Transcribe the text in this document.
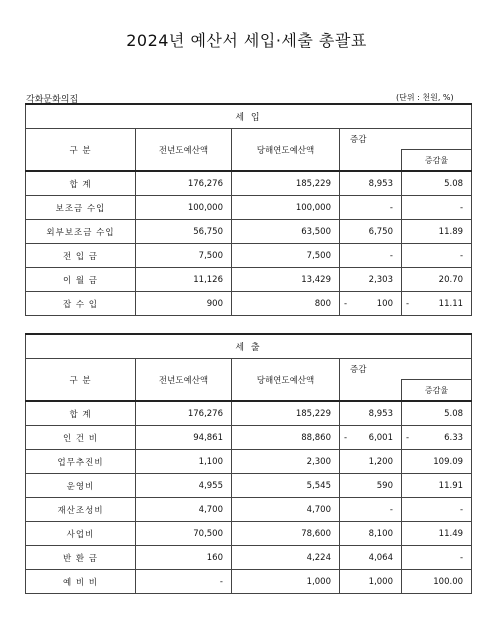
2024년 예산서 세입·세출 총괄표
각화문화의집	(단위 : 천원, %)
세 입				
구 분	전년도예산액	당해연도예산액	증감	
				증감율
합 계	176,276	185,229	8,953	5.08
보조금 수입	100,000	100,000	-	-
외부보조금 수입	56,750	63,500	6,750	11.89
전 입 금	7,500	7,500	-	-
이 월 금	11,126	13,429	2,303	20.70
잡 수 입	900	800	- 100	- 11.11
세 출				
구 분	전년도예산액	당해연도예산액	증감	
				증감율
합 계	176,276	185,229	8,953	5.08
인 건 비	94,861	88,860	- 6,001	- 6.33

업무추진비	1,100	2,300	1,200	109.09
운영비	4,955	5,545	590	11.91
재산조성비	4,700	4,700	-	-
사업비	70,500	78,600	8,100	11.49
반 환 금	160	4,224	4,064	-
예 비 비	-	1,000	1,000	100.00
